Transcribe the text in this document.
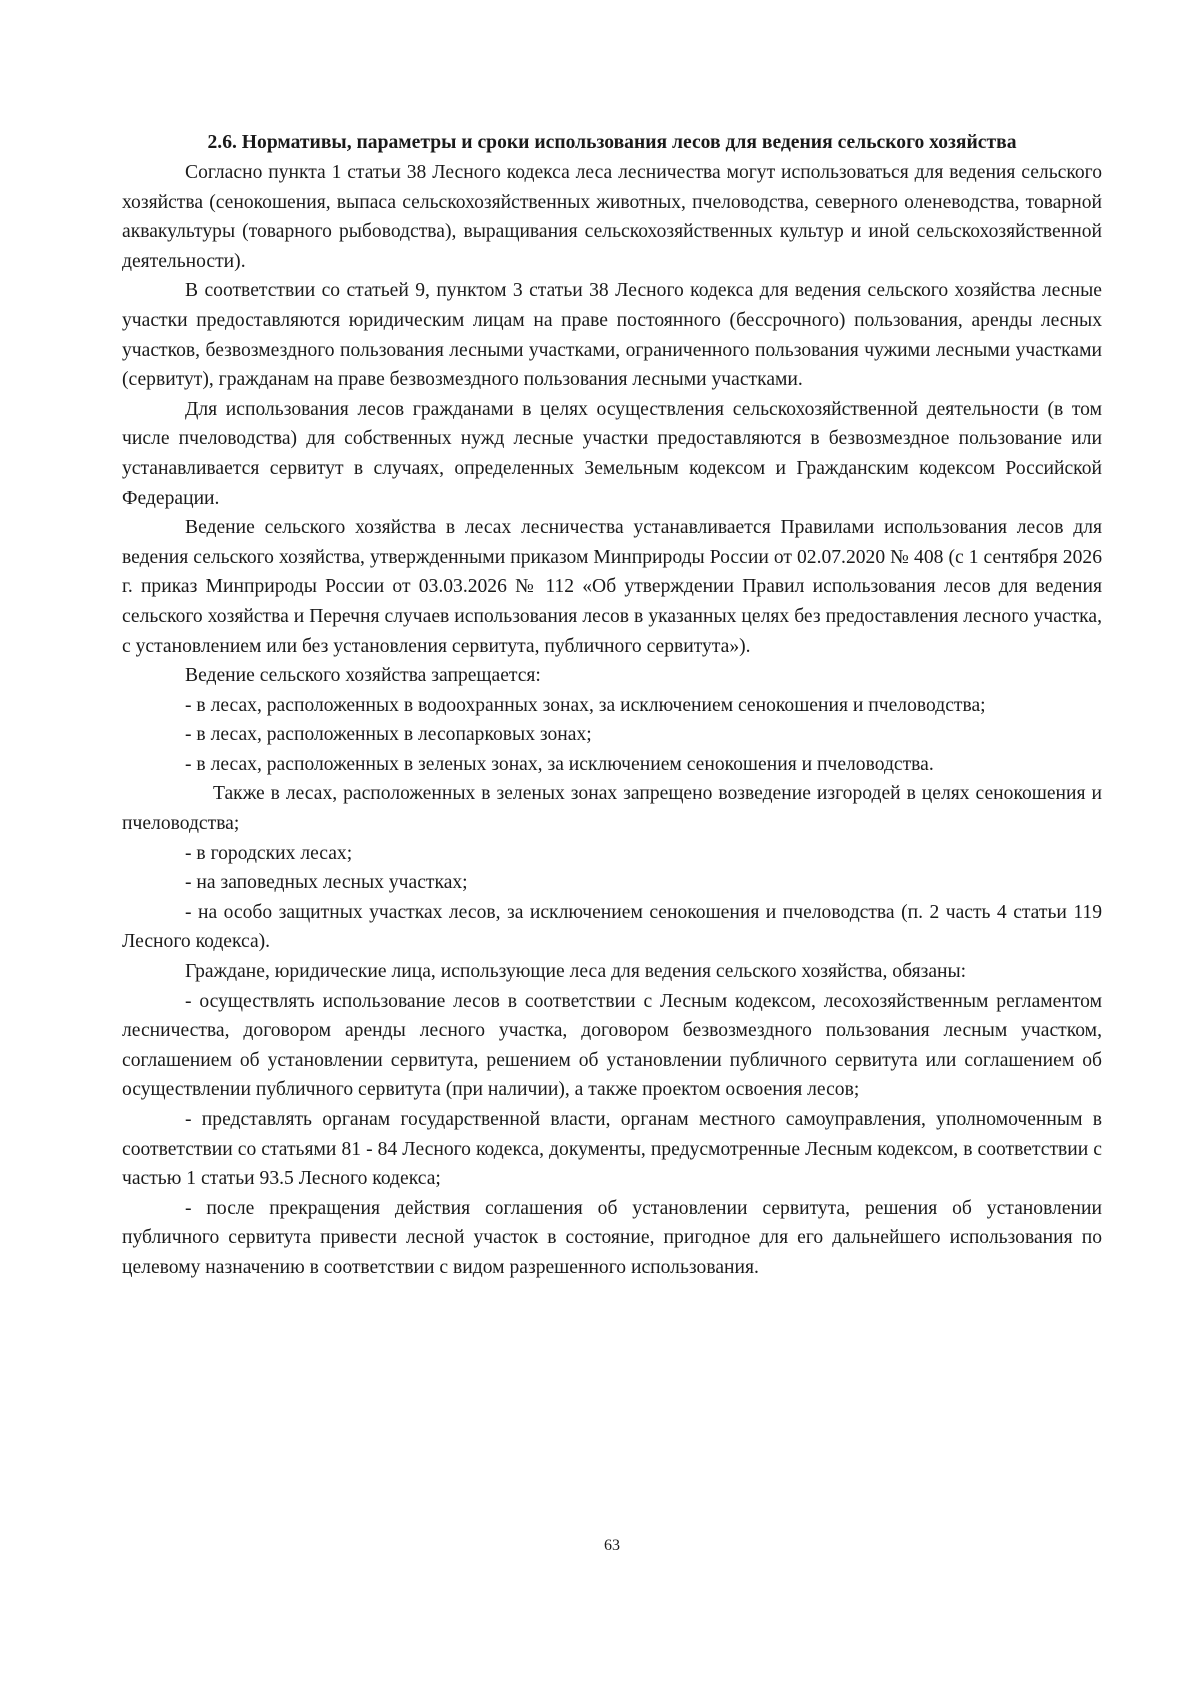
2.6. Нормативы, параметры и сроки использования лесов для ведения сельского хозяйства

Согласно пункта 1 статьи 38 Лесного кодекса леса лесничества могут использоваться для ведения сельского хозяйства (сенокошения, выпаса сельскохозяйственных животных, пчеловодства, северного оленеводства, товарной аквакультуры (товарного рыбоводства), выращивания сельскохозяйственных культур и иной сельскохозяйственной деятельности).

В соответствии со статьей 9, пунктом 3 статьи 38 Лесного кодекса для ведения сельского хозяйства лесные участки предоставляются юридическим лицам на праве постоянного (бессрочного) пользования, аренды лесных участков, безвозмездного пользования лесными участками, ограниченного пользования чужими лесными участками (сервитут), гражданам на праве безвозмездного пользования лесными участками.

Для использования лесов гражданами в целях осуществления сельскохозяйственной деятельности (в том числе пчеловодства) для собственных нужд лесные участки предоставляются в безвозмездное пользование или устанавливается сервитут в случаях, определенных Земельным кодексом и Гражданским кодексом Российской Федерации.

Ведение сельского хозяйства в лесах лесничества устанавливается Правилами использования лесов для ведения сельского хозяйства, утвержденными приказом Минприроды России от 02.07.2020 № 408 (с 1 сентября 2026 г. приказ Минприроды России от 03.03.2026 № 112 «Об утверждении Правил использования лесов для ведения сельского хозяйства и Перечня случаев использования лесов в указанных целях без предоставления лесного участка, с установлением или без установления сервитута, публичного сервитута»).

Ведение сельского хозяйства запрещается:

- в лесах, расположенных в водоохранных зонах, за исключением сенокошения и пчеловодства;

- в лесах, расположенных в лесопарковых зонах;

- в лесах, расположенных в зеленых зонах, за исключением сенокошения и пчеловодства.

Также в лесах, расположенных в зеленых зонах запрещено возведение изгородей в целях сенокошения и пчеловодства;

- в городских лесах;

- на заповедных лесных участках;

- на особо защитных участках лесов, за исключением сенокошения и пчеловодства (п. 2 часть 4 статьи 119 Лесного кодекса).

Граждане, юридические лица, использующие леса для ведения сельского хозяйства, обязаны:

- осуществлять использование лесов в соответствии с Лесным кодексом, лесохозяйственным регламентом лесничества, договором аренды лесного участка, договором безвозмездного пользования лесным участком, соглашением об установлении сервитута, решением об установлении публичного сервитута или соглашением об осуществлении публичного сервитута (при наличии), а также проектом освоения лесов;

- представлять органам государственной власти, органам местного самоуправления, уполномоченным в соответствии со статьями 81 - 84 Лесного кодекса, документы, предусмотренные Лесным кодексом, в соответствии с частью 1 статьи 93.5 Лесного кодекса;

- после прекращения действия соглашения об установлении сервитута, решения об установлении публичного сервитута привести лесной участок в состояние, пригодное для его дальнейшего использования по целевому назначению в соответствии с видом разрешенного использования.

63
